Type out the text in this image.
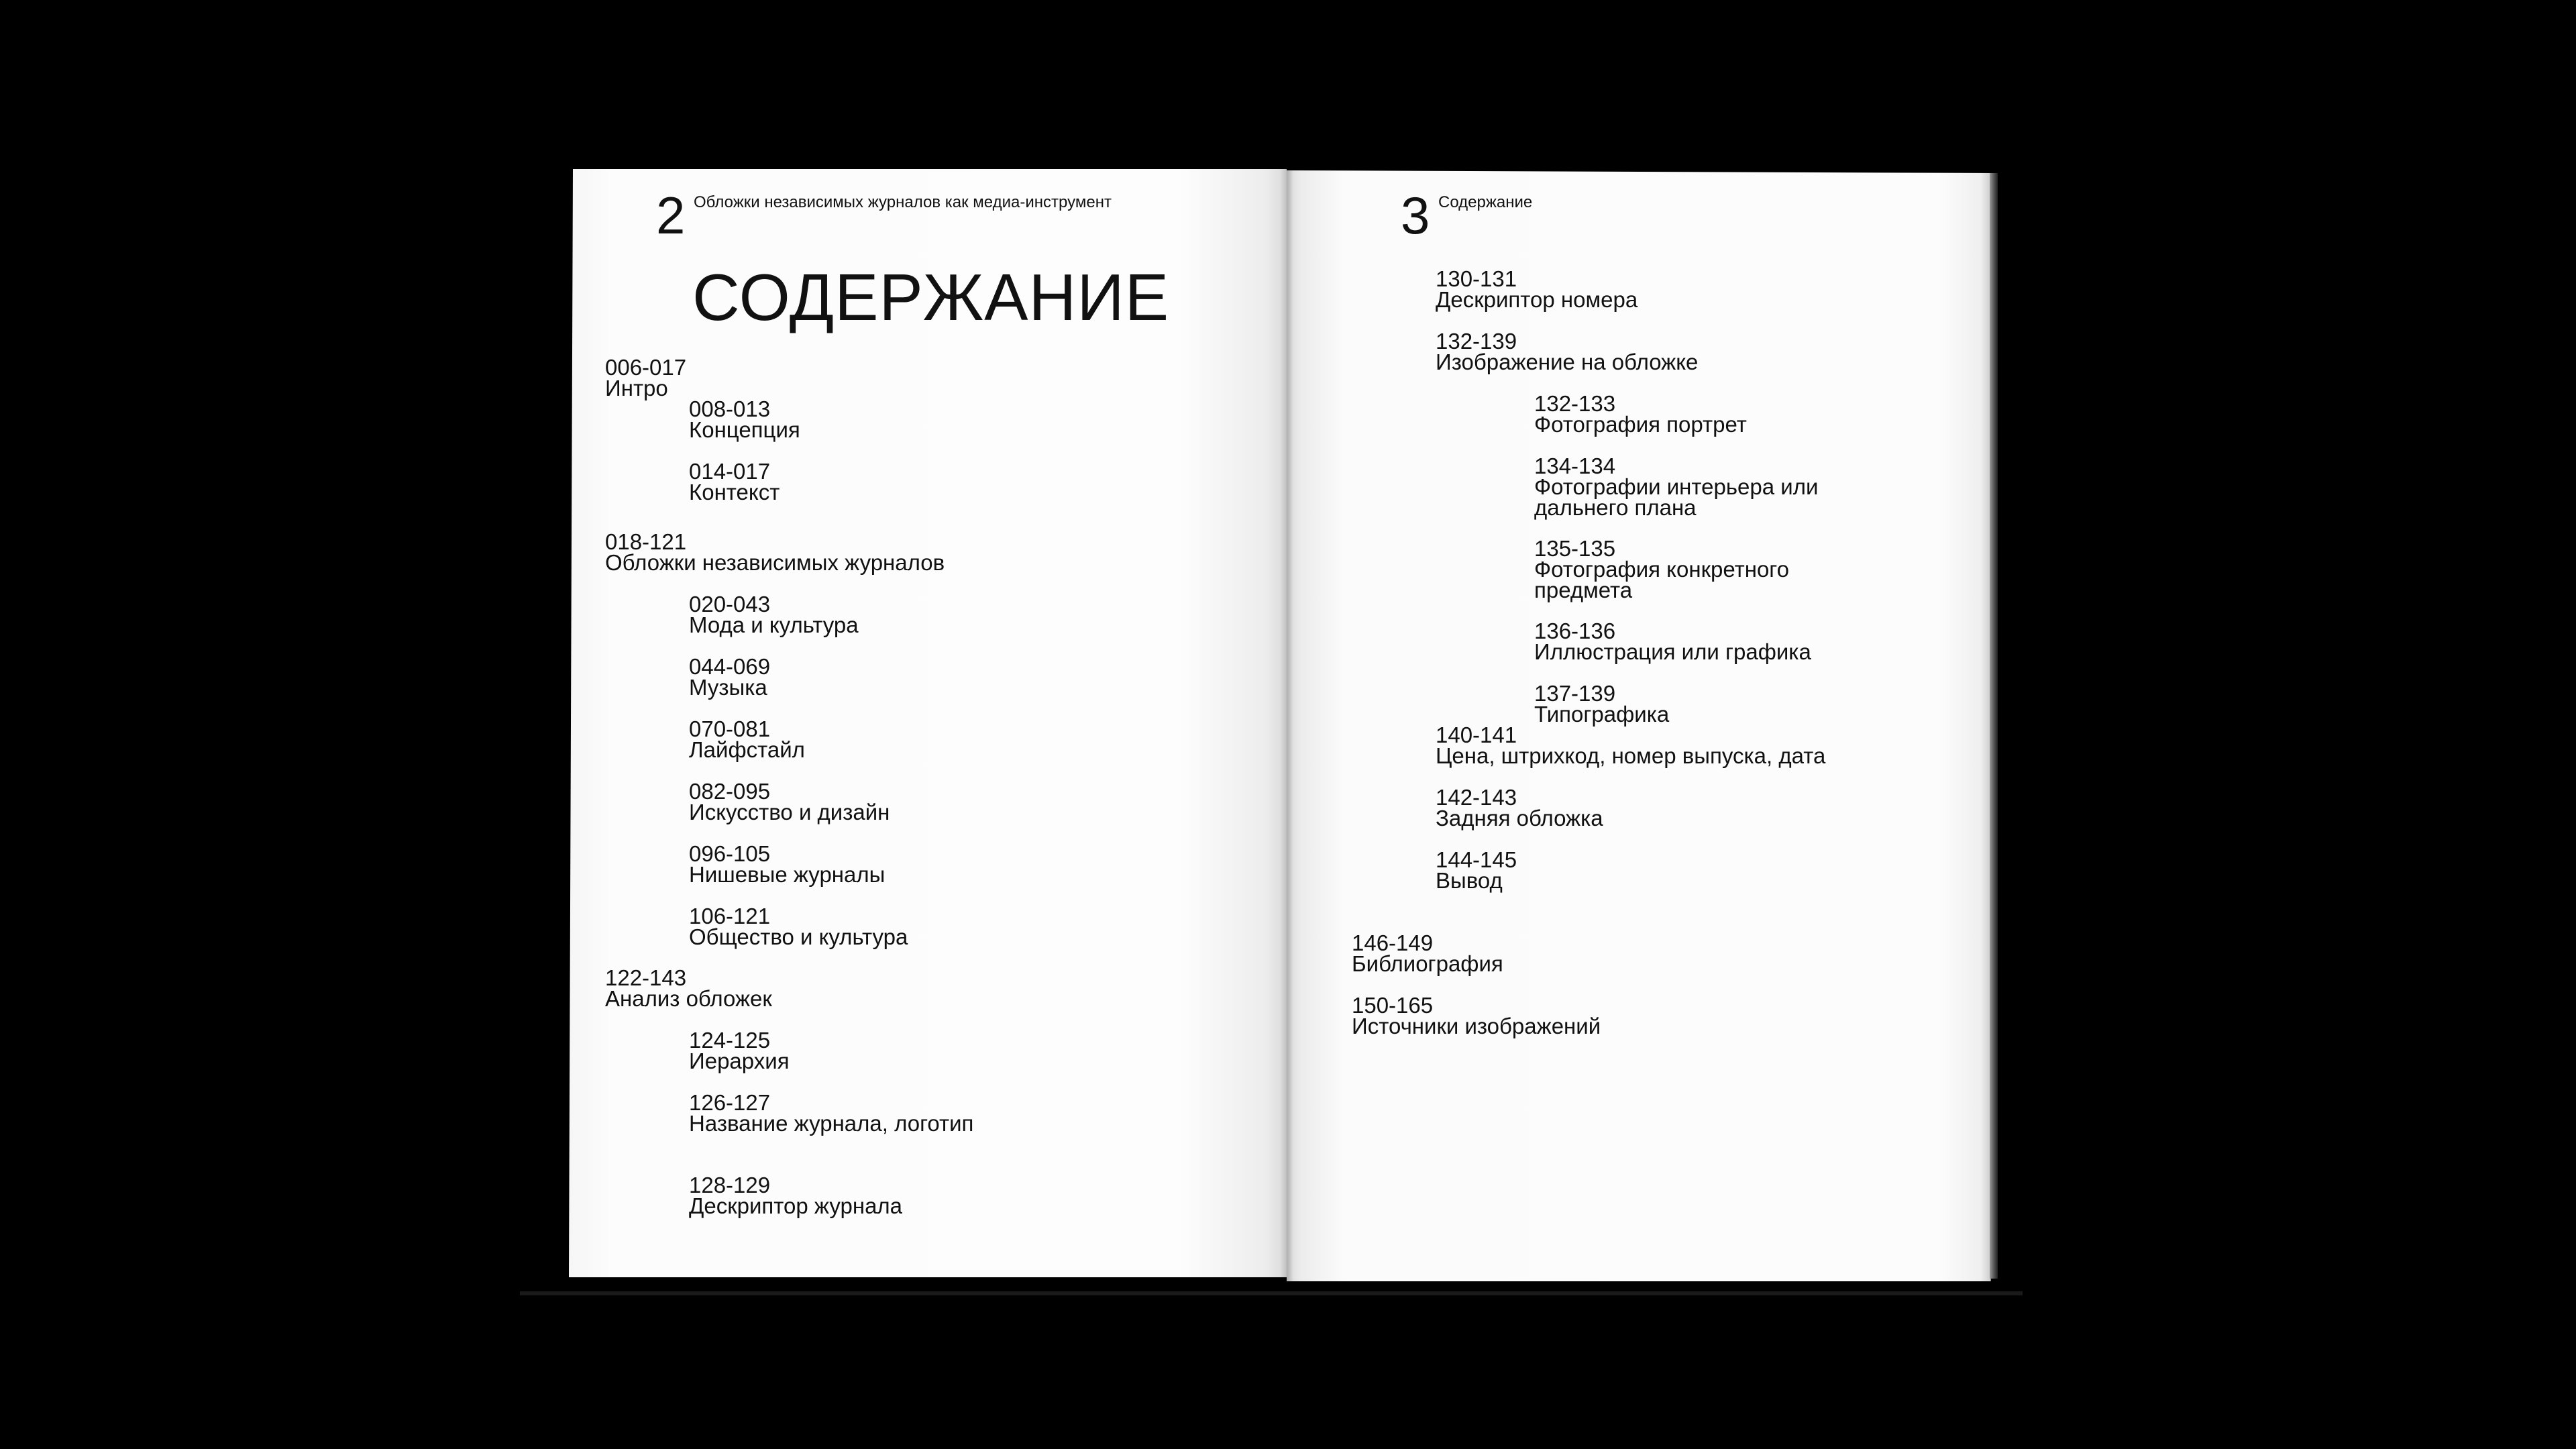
2 Обложки независимых журналов как медиа-инструмент
СОДЕРЖАНИЕ
006-017
Интро
008-013
Концепция
014-017
Контекст
018-121
Обложки независимых журналов
020-043
Мода и культура
044-069
Музыка
070-081
Лайфстайл
082-095
Искусство и дизайн
096-105
Нишевые журналы
106-121
Общество и культура
122-143
Анализ обложек
124-125
Иерархия
126-127
Название журнала, логотип
128-129
Дескриптор журнала
3 Содержание
130-131
Дескриптор номера
132-139
Изображение на обложке
132-133
Фотография портрет
134-134
Фотографии интерьера или
дальнего плана
135-135
Фотография конкретного
предмета
136-136
Иллюстрация или графика
137-139
Типографика
140-141
Цена, штрихкод, номер выпуска, дата
142-143
Задняя обложка
144-145
Вывод
146-149
Библиография
150-165
Источники изображений
